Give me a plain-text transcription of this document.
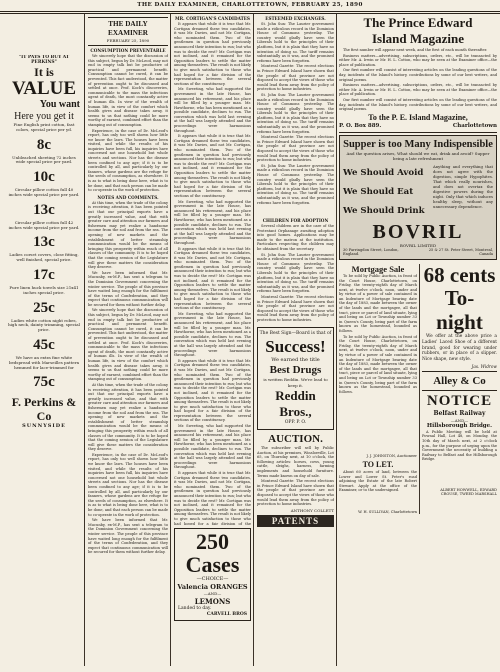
THE DAILY EXAMINER, CHARLOTTETOWN, FEBRUARY 25, 1890
"IT PAYS TO BUY AT PERKINS"
It is
VALUE
You want
Here you get it
Fine English print cotton, fast colors, special price per yd.
8c
Unbleached sheeting 72 inches wide special price per yard.
10c
Circular pillow cotton full 40 inches wide special price per yard.
13c
Circular pillow cotton full 42 inches wide special price per yard.
13c
Ladies corset covers, close fitting, well finished, special price.
17c
Pure linen huck towels size 21x41 inches special price.
25c
Ladies white cotton night robes, high neck, dainty trimming, special price.
45c
We have an extra fine white bedspread with Marseilles pattern hemmed for lace-trimmed for
75c
F. Perkins & Co
SUNNYSIDE
THE DAILY EXAMINER
FEBRUARY 25, 1890
CONSUMPTION PREVENTABLE

We sincerely hope that the discussion of this subject, begun by Dr. McLeod, may not end in empty talk but be productive of practical and permanent benefit. Consumption cannot be cured, it can be prevented. This fact understood, the matter of prevention ought to be discussed and settled at once. Prof. Koch's discoveries, communicable to the mass the infectious agent of death, the most constantly active of human ills. In view of the wealth of human life, in view of the comfort which health gives and disease takes away, it seems to us that nothing could be more worthy of earnest, combined effort than the stamping out of consumption.

Experience, in the case of Dr. McLeod's report, has only too well shown how little we know the laws. The houses have been visited, and while the results of his inquiries have been full, his inquiries have concerned not one household but whole streets and sections. Nor has the disease been confined to any age; if it is to be controlled by all, and particularly by our fanners, whose gardens are the refuge for the seeds of consumption, as elsewhere. It is as to what is being done here, what is to be done, and that each person can be made to co-operate in the work of protection.

NOTES AND COMMENTS.

At this time, when the trade of the colony is receiving attention, it has been pointed out that our principal exports have a greatly increased value, and that with greater care and attention our farmers and fishermen may yet realize a handsome income from the soil and from the sea. The opening of new markets and the establishment of better steamship communication would be the means of bringing this prosperity within reach of all classes of the community. It is to be hoped that the coming session of the Legislature will give these matters the consideration they deserve.

We have been informed that Mr. Mucunby, ex-M.P., has sent a telegram to the Dominion Government concerning the winter service. The people of this province have waited long enough for the fulfilment of the terms of Confederation, and they expect that continuous communication will be secured for them without further delay.

We sincerely hope that the discussion of this subject, begun by Dr. McLeod, may not end in empty talk but be productive of practical and permanent benefit. Consumption cannot be cured, it can be prevented. This fact understood, the matter of prevention ought to be discussed and settled at once. Prof. Koch's discoveries, communicable to the mass the infectious agent of death, the most constantly active of human ills. In view of the wealth of human life, in view of the comfort which health gives and disease takes away, it seems to us that nothing could be more worthy of earnest, combined effort than the stamping out of consumption.

At this time, when the trade of the colony is receiving attention, it has been pointed out that our principal exports have a greatly increased value, and that with greater care and attention our farmers and fishermen may yet realize a handsome income from the soil and from the sea. The opening of new markets and the establishment of better steamship communication would be the means of bringing this prosperity within reach of all classes of the community. It is to be hoped that the coming session of the Legislature will give these matters the consideration they deserve.

Experience, in the case of Dr. McLeod's report, has only too well shown how little we know the laws. The houses have been visited, and while the results of his inquiries have been full, his inquiries have concerned not one household but whole streets and sections. Nor has the disease been confined to any age; if it is to be controlled by all, and particularly by our fanners, whose gardens are the refuge for the seeds of consumption, as elsewhere. It is as to what is being done here, what is to be done, and that each person can be made to co-operate in the work of protection.

We have been informed that Mr. Mucunby, ex-M.P., has sent a telegram to the Dominion Government concerning the winter service. The people of this province have waited long enough for the fulfilment of the terms of Confederation, and they expect that continuous communication will be secured for them without further delay.

MR. CORTIGAN'S CANDIDATES

It appears that while it is true that Mr. Cortigan dreamed these two candidates, it was Mr. Davies, and not Mr. Cortigan, who nominated them. Two of the gentlemen in question had previously announced their intention to run; but who was to decide the rest? Mr. Cortigan was not inclined, and it remained for the Opposition leaders to settle the matter among themselves. The result is not likely to give much satisfaction to those who had hoped for a fair division of the representation between the several sections of the constituency.

Mr. Sweeting, who had supported the government in the late House, has announced his retirement, and his place will be filled by a younger man. Mr. Hawthorne, who has been mentioned as a possible candidate, declines to run. The convention which was held last evening at the hall was largely attended and the proceedings were harmonious throughout.

It appears that while it is true that Mr. Cortigan dreamed these two candidates, it was Mr. Davies, and not Mr. Cortigan, who nominated them. Two of the gentlemen in question had previously announced their intention to run; but who was to decide the rest? Mr. Cortigan was not inclined, and it remained for the Opposition leaders to settle the matter among themselves. The result is not likely to give much satisfaction to those who had hoped for a fair division of the representation between the several sections of the constituency.

Mr. Sweeting, who had supported the government in the late House, has announced his retirement, and his place will be filled by a younger man. Mr. Hawthorne, who has been mentioned as a possible candidate, declines to run. The convention which was held last evening at the hall was largely attended and the proceedings were harmonious throughout.

It appears that while it is true that Mr. Cortigan dreamed these two candidates, it was Mr. Davies, and not Mr. Cortigan, who nominated them. Two of the gentlemen in question had previously announced their intention to run; but who was to decide the rest? Mr. Cortigan was not inclined, and it remained for the Opposition leaders to settle the matter among themselves. The result is not likely to give much satisfaction to those who had hoped for a fair division of the representation between the several sections of the constituency.

Mr. Sweeting, who had supported the government in the late House, has announced his retirement, and his place will be filled by a younger man. Mr. Hawthorne, who has been mentioned as a possible candidate, declines to run. The convention which was held last evening at the hall was largely attended and the proceedings were harmonious throughout.

It appears that while it is true that Mr. Cortigan dreamed these two candidates, it was Mr. Davies, and not Mr. Cortigan, who nominated them. Two of the gentlemen in question had previously announced their intention to run; but who was to decide the rest? Mr. Cortigan was not inclined, and it remained for the Opposition leaders to settle the matter among themselves. The result is not likely to give much satisfaction to those who had hoped for a fair division of the representation between the several sections of the constituency.

Mr. Sweeting, who had supported the government in the late House, has announced his retirement, and his place will be filled by a younger man. Mr. Hawthorne, who has been mentioned as a possible candidate, declines to run. The convention which was held last evening at the hall was largely attended and the proceedings were harmonious throughout.

It appears that while it is true that Mr. Cortigan dreamed these two candidates, it was Mr. Davies, and not Mr. Cortigan, who nominated them. Two of the gentlemen in question had previously announced their intention to run; but who was to decide the rest? Mr. Cortigan was not inclined, and it remained for the Opposition leaders to settle the matter among themselves. The result is not likely to give much satisfaction to those who had hoped for a fair division of the

250
Cases
—CHOICE—
Valencia ORANGES
—AND—
LEMONS
Landed to day.
CARVELL BROS
ESTEEMED EXCHANGES.

St. John Sun: The Laurier government made a ridiculous record in the Dominion House of Commons yesterday. The country would gladly have seen the Liberals hold to the principles of their platform, but it is plain that they have no intention of doing so. The tariff remains substantially as it was, and the promised reforms have been forgotten.

Montreal Gazette: The recent elections in Prince Edward Island have shown that the people of that province are not disposed to accept the views of those who would lead them away from the policy of protection to home industries.

St. John Sun: The Laurier government made a ridiculous record in the Dominion House of Commons yesterday. The country would gladly have seen the Liberals hold to the principles of their platform, but it is plain that they have no intention of doing so. The tariff remains substantially as it was, and the promised reforms have been forgotten.

Montreal Gazette: The recent elections in Prince Edward Island have shown that the people of that province are not disposed to accept the views of those who would lead them away from the policy of protection to home industries.

St. John Sun: The Laurier government made a ridiculous record in the Dominion House of Commons yesterday. The country would gladly have seen the Liberals hold to the principles of their platform, but it is plain that they have no intention of doing so. The tariff remains substantially as it was, and the promised reforms have been forgotten.

CHILDREN FOR ADOPTION

Several children are in the care of the Protestant Orphanage awaiting adoption into good homes. Applications may be made to the matron at the institution. Particulars respecting the children may be obtained from the secretary.

St. John Sun: The Laurier government made a ridiculous record in the Dominion House of Commons yesterday. The country would gladly have seen the Liberals hold to the principles of their platform, but it is plain that they have no intention of doing so. The tariff remains substantially as it was, and the promised reforms have been forgotten.

Montreal Gazette: The recent elections in Prince Edward Island have shown that the people of that province are not disposed to accept the views of those who would lead them away from the policy of protection to home industries.

The Best Sign—Board is that of
Success!
We earned the title
Best Drugs
is written Reddin. We're lead to keep it.
Reddin Bros.,
OPP. P. O.
AUCTION.

The subscriber will sell by Public Auction, at his premises, Winsloeville, Lot 65, on Thursday next, at 10 o'clock, the following articles: horses, cows, young cattle, sleighs, harness, farming implements and household furniture. Terms made known on day of sale.

Montreal Gazette: The recent elections in Prince Edward Island have shown that the people of that province are not disposed to accept the views of those who would lead them away from the policy of protection to home industries.

ANTHONY COLLETT
PATENTS
The Prince Edward
Island Magazine

The first number will appear next week, and the first of each month thereafter.

Business matters—advertising, subscriptions, orders, etc., will be transacted by either Mr. A. Irwin or Mr. H. L. Cotton, who may be seen at the Examiner office—the place of publication.

Our first number will consist of interesting articles on the leading questions of the day, incidents of the Island's history, contributions by some of our best writers, and original poems.

Business matters—advertising, subscriptions, orders, etc., will be transacted by either Mr. A. Irwin or Mr. H. L. Cotton, who may be seen at the Examiner office—the place of publication.

Our first number will consist of interesting articles on the leading questions of the day, incidents of the Island's history, contributions by some of our best writers, and original poems.

To the P. E. Island Magazine,
P. O. Box 889.	Charlottetown
Supper is too Many Indispensible
And the question arises, What should we eat, drink and avoid? Supper being a late refreshment
We Should Avoid
We Should Eat
We Should Drink
Anything and everything that does not agree with the digestion, simple Hypophites. That which really nourishes, and does not overtax the digestive powers during the night. Only that which induces healthy sleep, without any unnecessary dependence.
BOVRIL
BOVRIL LIMITED
30 Farringdon Street, London, England.
25 & 27 St. Peter Street, Montreal, Canada
Mortgage Sale

To be sold by Public Auction, in front of the Court House, Charlottetown, on Friday, the twenty-eighth day of March next, at twelve o'clock, noon, under and by virtue of a power of sale contained in an Indenture of Mortgage bearing date the day of 1883, made between the owner of the lands and the mortgagee, all that tract, piece or parcel of land situate, lying and being on Lot or Township number 33 in Queen's County, being part of the farm known as the homestead, bounded as follows.

To be sold by Public Auction, in front of the Court House, Charlottetown, on Friday, the twenty-eighth day of March next, at twelve o'clock, noon, under and by virtue of a power of sale contained in an Indenture of Mortgage bearing date the day of 1883, made between the owner of the lands and the mortgagee, all that tract, piece or parcel of land situate, lying and being on Lot or Township number 33 in Queen's County, being part of the farm known as the homestead, bounded as follows.

J. J. JOHNSTON, Auctioneer
TO LET.

About 60 acres of land, between the Lower and Lower St. Peter's road adjoining the Estate of the late Robert Stewart. Apply at the office of the Examiner, or to the undersigned.

W. H. SULLIVAN, Charlottetown
68 cents
To-night

We offer at the above price a Ladies' Laced Shoe of a different brand, good for wearing under rubbers, or in place of a slipper. Nice shape, new style.

Jas. Widrow
Alley & Co
NOTICE
Belfast Railway
—AND—
Hillsborough Bridge.

A Public Meeting will be held at Pownal Hall, Lot 48, on Monday, the 10th day of March next, at 2 o'clock p.m., for the purpose of urging upon the Government the necessity of building a Railway to Belfast and the Hillsborough Bridge.

ALBERT HOWWELL, EDWARD CROUSE, TWEED MARSHALL
